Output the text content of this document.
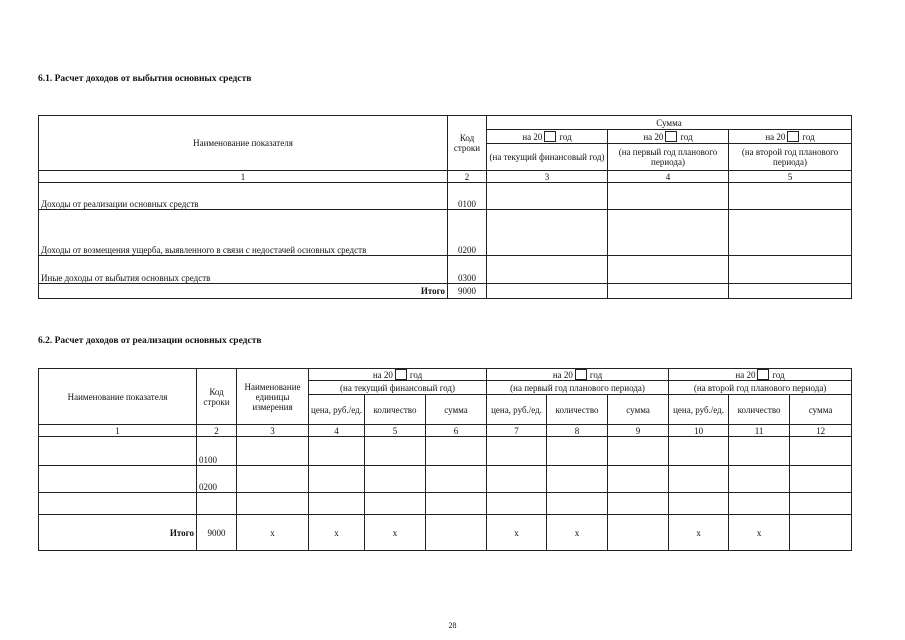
6.1. Расчет доходов от выбытия основных средств
Наименование показателя	Код строки	Сумма		
		на 20 год	на 20 год	на 20 год
		(на текущий финансовый год)	(на первый год планового периода)	(на второй год планового периода)
1	2	3	4	5
Доходы от реализации основных средств	0100			
Доходы от возмещения ущерба, выявленного в связи с недостачей основных средств	0200			
Иные доходы от выбытия основных средств	0300			
Итого	9000			
6.2. Расчет доходов от реализации основных средств
Наименование показателя	Код строки	Наименование единицы измерения	на 20 год			на 20 год			на 20 год		
			(на текущий финансовый год)			(на первый год планового периода)			(на второй год планового периода)		
			цена, руб./ед.	количество	сумма	цена, руб./ед.	количество	сумма	цена, руб./ед.	количество	сумма
1	2	3	4	5	6	7	8	9	10	11	12
	0100										
	0200										

Итого	9000	x	x	x		x	x		x	x	
28
